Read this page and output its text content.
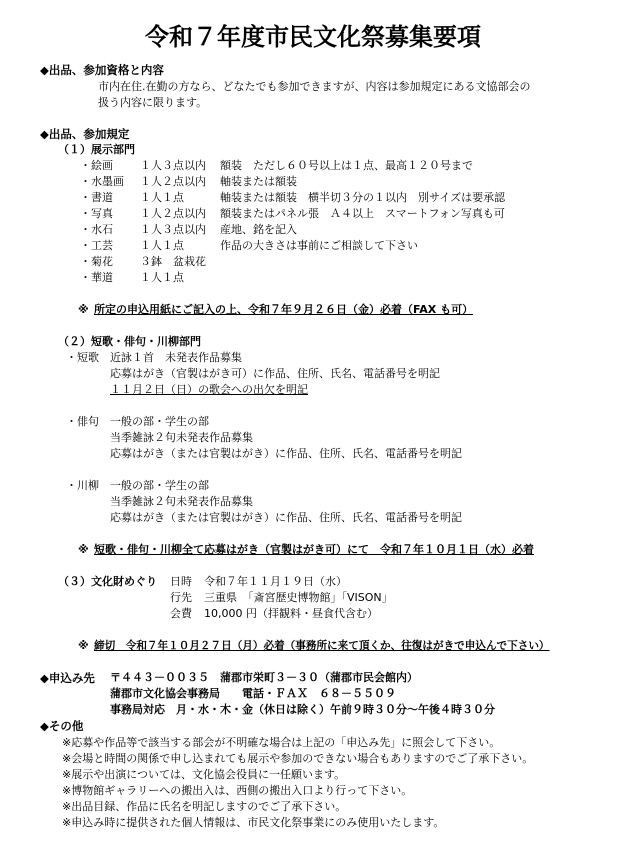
令和７年度市民文化祭募集要項
◆出品、参加資格と内容
市内在住.在勤の方なら、どなたでも参加できますが、内容は参加規定にある文協部会の
扱う内容に限ります。
◆出品、参加規定
（１）展示部門
・絵画 １人３点以内 額装　ただし６０号以上は１点、最高１２０号まで
・水墨画 １人２点以内 軸装または額装
・書道 １人１点	軸装または額装　横半切３分の１以内　別サイズは要承認
・写真 １人２点以内 額装またはパネル張　Ａ４以上　スマートフォン写真も可
・水石 １人３点以内 産地、銘を記入
・工芸 １人１点	作品の大きさは事前にご相談して下さい
・菊花 ３鉢　盆栽花
・華道 １人１点
※ 所定の申込用紙にご記入の上、令和７年９月２６日（金）必着（FAX も可）
（２）短歌・俳句・川柳部門
・短歌 近詠１首　未発表作品募集
応募はがき（官製はがき可）に作品、住所、氏名、電話番号を明記
１１月２日（日）の歌会への出欠を明記
・俳句 一般の部・学生の部
当季雑詠２句未発表作品募集
応募はがき（または官製はがき）に作品、住所、氏名、電話番号を明記
・川柳 一般の部・学生の部
当季雑詠２句未発表作品募集
応募はがき（または官製はがき）に作品、住所、氏名、電話番号を明記
※ 短歌・俳句・川柳全て応募はがき（官製はがき可）にて　令和７年１０月１日（水）必着
（３）文化財めぐり 日時 令和７年１１月１９日（水）
行先 三重県　「斎宮歴史博物館」「VISON」
会費 10,000 円（拝観料・昼食代含む）
※ 締切　令和７年１０月２７日（月）必着（事務所に来て頂くか、往復はがきで申込んで下さい）
◆申込み先 〒４４３－００３５　蒲郡市栄町３－３０（蒲郡市民会館内）
蒲郡市文化協会事務局　　電話・ＦＡＸ　６８－５５０９
事務局対応　月・水・木・金（休日は除く）午前９時３０分～午後４時３０分
◆その他
※応募や作品等で該当する部会が不明確な場合は上記の「申込み先」に照会して下さい。
※会場と時間の関係で申し込まれても展示や参加のできない場合もありますのでご了承下さい。
※展示や出演については、文化協会役員に一任願います。
※博物館ギャラリーへの搬出入は、西側の搬出入口より行って下さい。
※出品目録、作品に氏名を明記しますのでご了承下さい。
※申込み時に提供された個人情報は、市民文化祭事業にのみ使用いたします。
